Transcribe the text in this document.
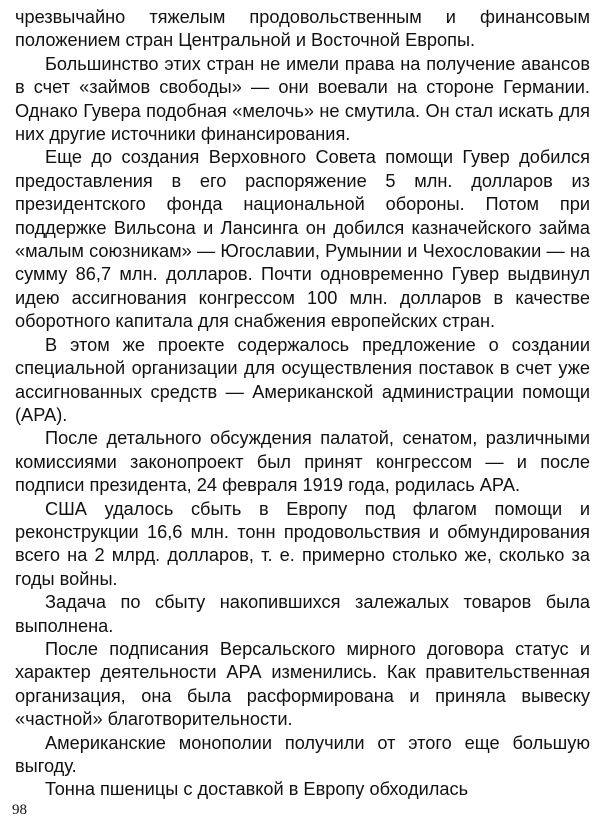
чрезвычайно тяжелым продовольственным и финансовым положением стран Центральной и Восточной Европы.

Большинство этих стран не имели права на получение авансов в счет «займов свободы» — они воевали на стороне Германии. Однако Гувера подобная «мелочь» не смутила. Он стал искать для них другие источники финансирования.

Еще до создания Верховного Совета помощи Гувер добился предоставления в его распоряжение 5 млн. долларов из президентского фонда национальной обороны. Потом при поддержке Вильсона и Лансинга он добился казначейского займа «малым союзникам» — Югославии, Румынии и Чехословакии — на сумму 86,7 млн. долларов. Почти одновременно Гувер выдвинул идею ассигнования конгрессом 100 млн. долларов в качестве оборотного капитала для снабжения европейских стран.

В этом же проекте содержалось предложение о создании специальной организации для осуществления поставок в счет уже ассигнованных средств — Американской администрации помощи (АРА).

После детального обсуждения палатой, сенатом, различными комиссиями законопроект был принят конгрессом — и после подписи президента, 24 февраля 1919 года, родилась АРА.

США удалось сбыть в Европу под флагом помощи и реконструкции 16,6 млн. тонн продовольствия и обмундирования всего на 2 млрд. долларов, т. е. примерно столько же, сколько за годы войны.

Задача по сбыту накопившихся залежалых товаров была выполнена.

После подписания Версальского мирного договора статус и характер деятельности АРА изменились. Как правительственная организация, она была расформирована и приняла вывеску «частной» благотворительности.

Американские монополии получили от этого еще большую выгоду.

Тонна пшеницы с доставкой в Европу обходилась

98
